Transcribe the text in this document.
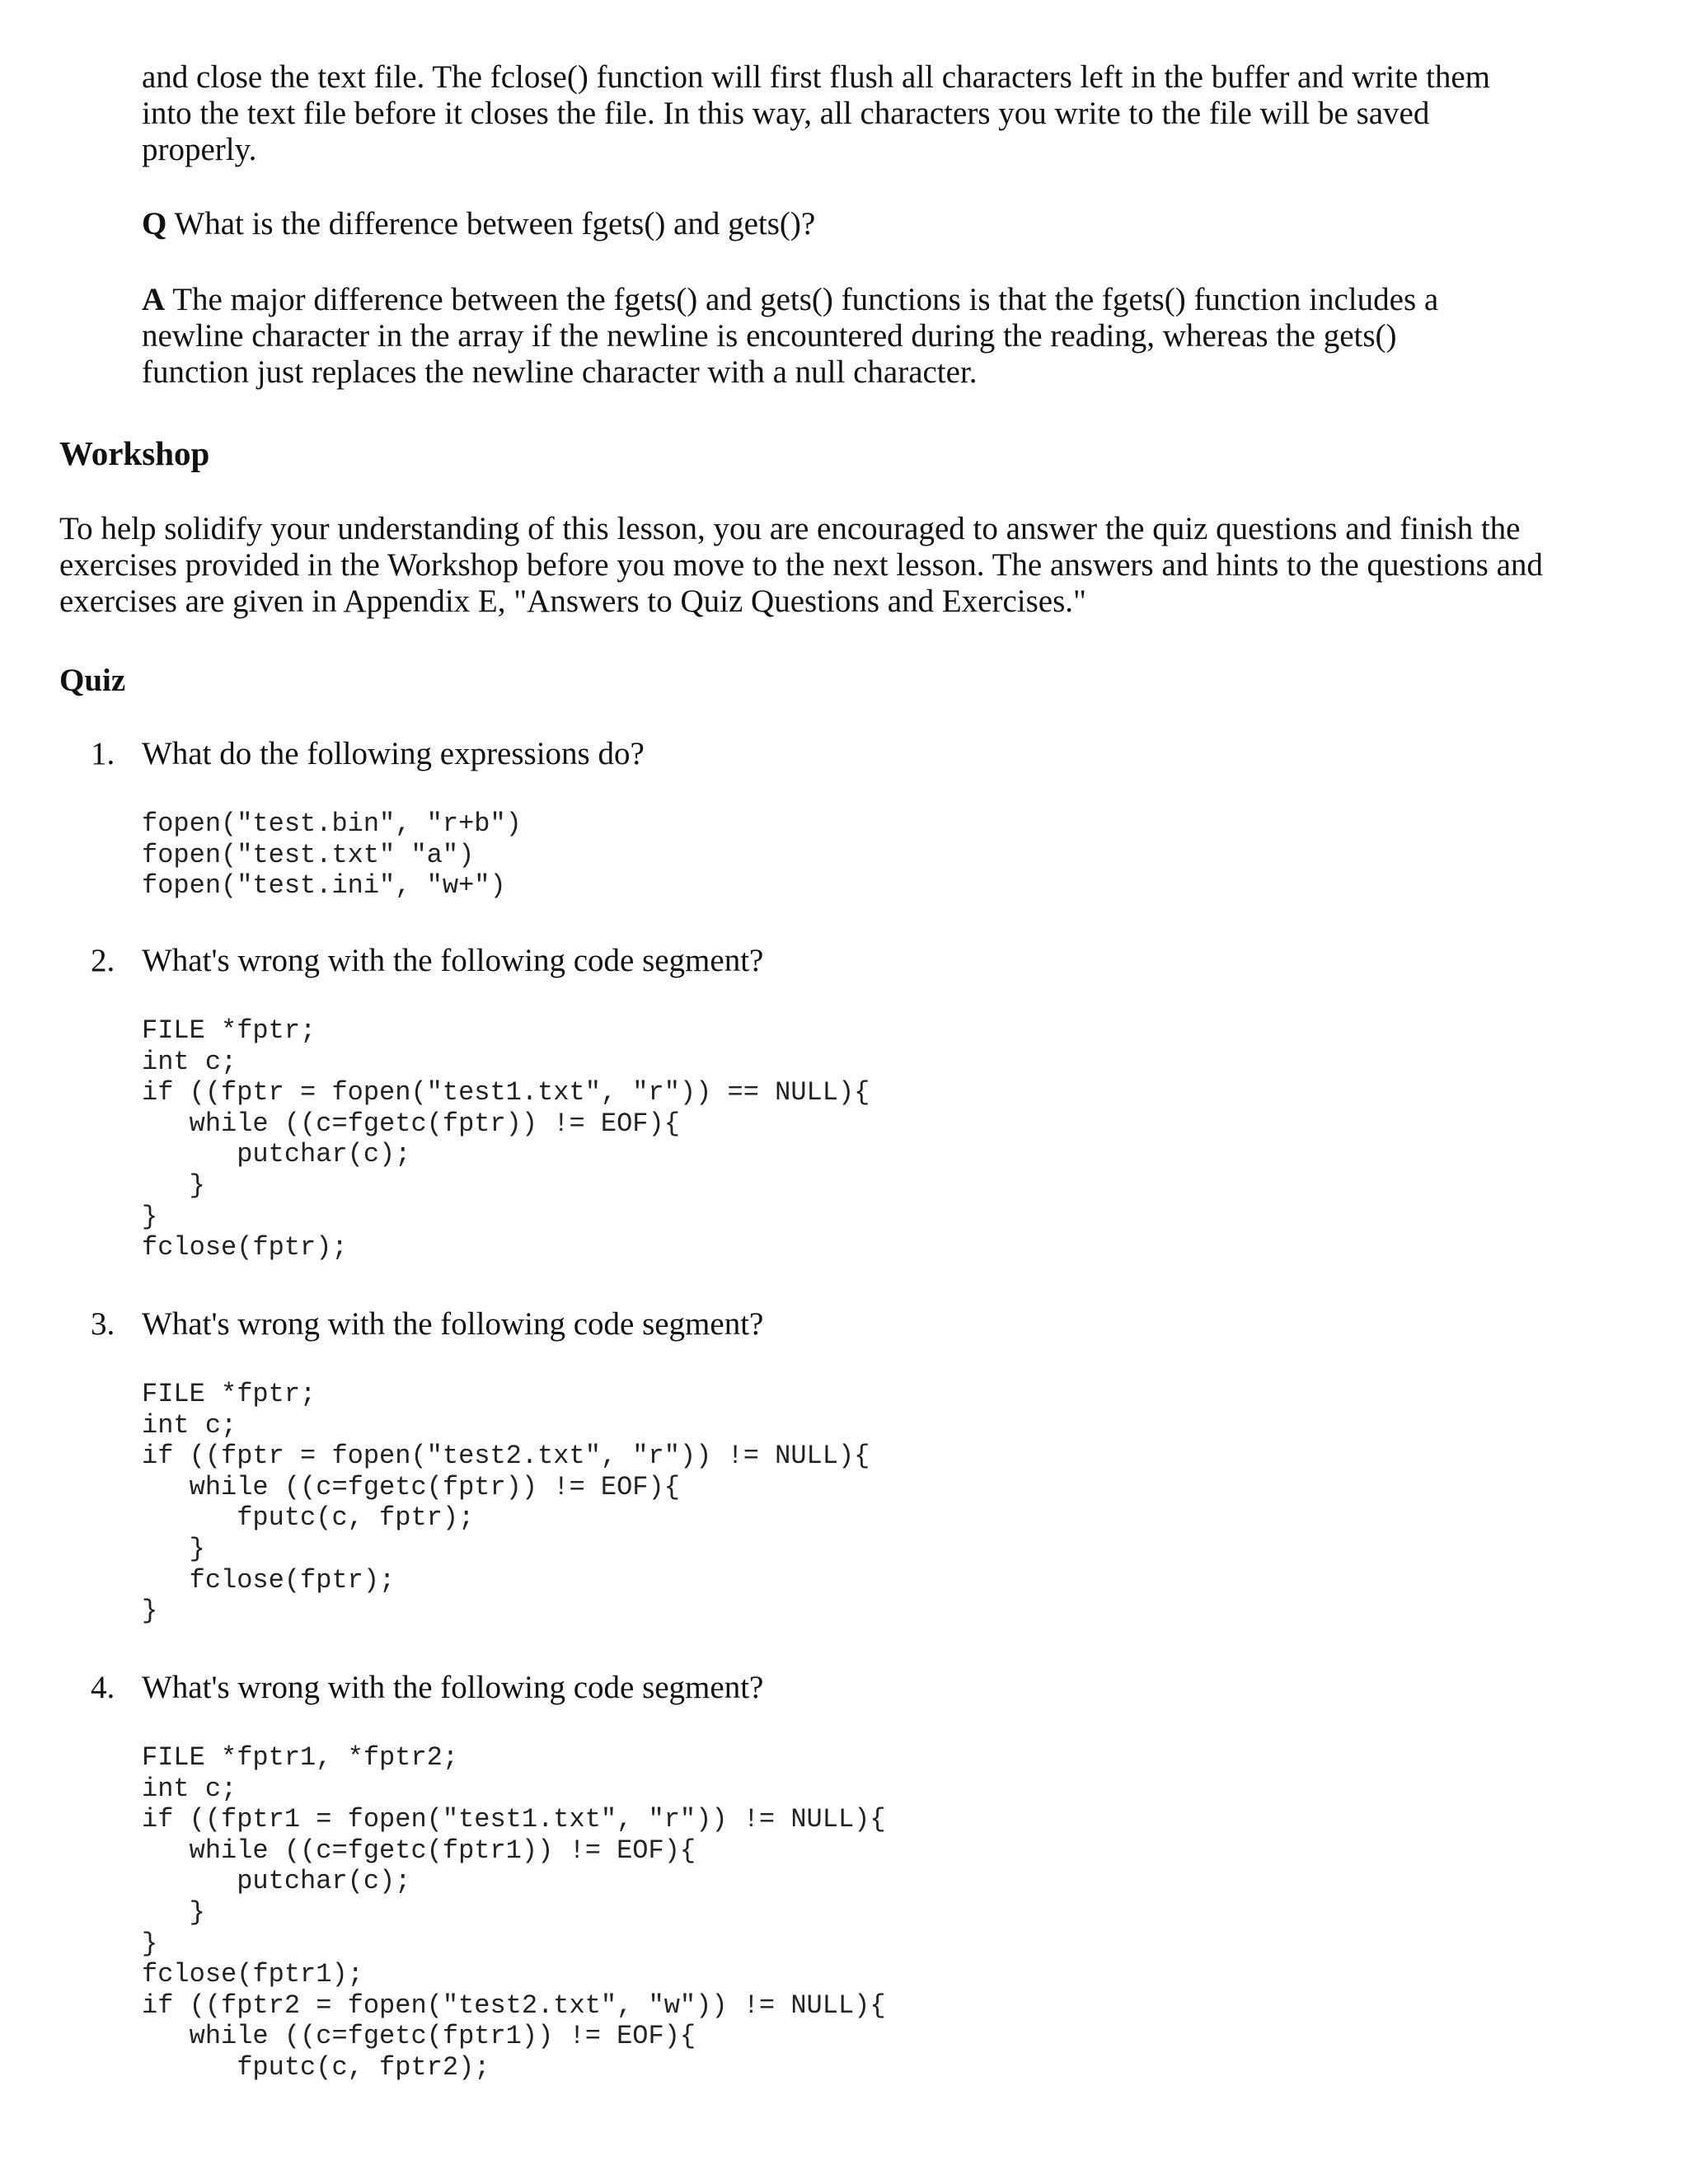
and close the text file. The fclose() function will first flush all characters left in the buffer and write them
into the text file before it closes the file. In this way, all characters you write to the file will be saved
properly.

Q What is the difference between fgets() and gets()?

A The major difference between the fgets() and gets() functions is that the fgets() function includes a
newline character in the array if the newline is encountered during the reading, whereas the gets()
function just replaces the newline character with a null character.

Workshop

To help solidify your understanding of this lesson, you are encouraged to answer the quiz questions and finish the
exercises provided in the Workshop before you move to the next lesson. The answers and hints to the questions and
exercises are given in Appendix E, "Answers to Quiz Questions and Exercises."

Quiz
1. What do the following expressions do?
fopen("test.bin", "r+b")
fopen("test.txt" "a")
fopen("test.ini", "w+")
2. What's wrong with the following code segment?
FILE *fptr;
int c;
if ((fptr = fopen("test1.txt", "r")) == NULL){
while ((c=fgetc(fptr)) != EOF){
putchar(c);
}
}
fclose(fptr);
3. What's wrong with the following code segment?
FILE *fptr;
int c;
if ((fptr = fopen("test2.txt", "r")) != NULL){
while ((c=fgetc(fptr)) != EOF){
fputc(c, fptr);
}
fclose(fptr);
}
4. What's wrong with the following code segment?
FILE *fptr1, *fptr2;
int c;
if ((fptr1 = fopen("test1.txt", "r")) != NULL){
while ((c=fgetc(fptr1)) != EOF){
putchar(c);
}
}
fclose(fptr1);
if ((fptr2 = fopen("test2.txt", "w")) != NULL){
while ((c=fgetc(fptr1)) != EOF){
fputc(c, fptr2);
